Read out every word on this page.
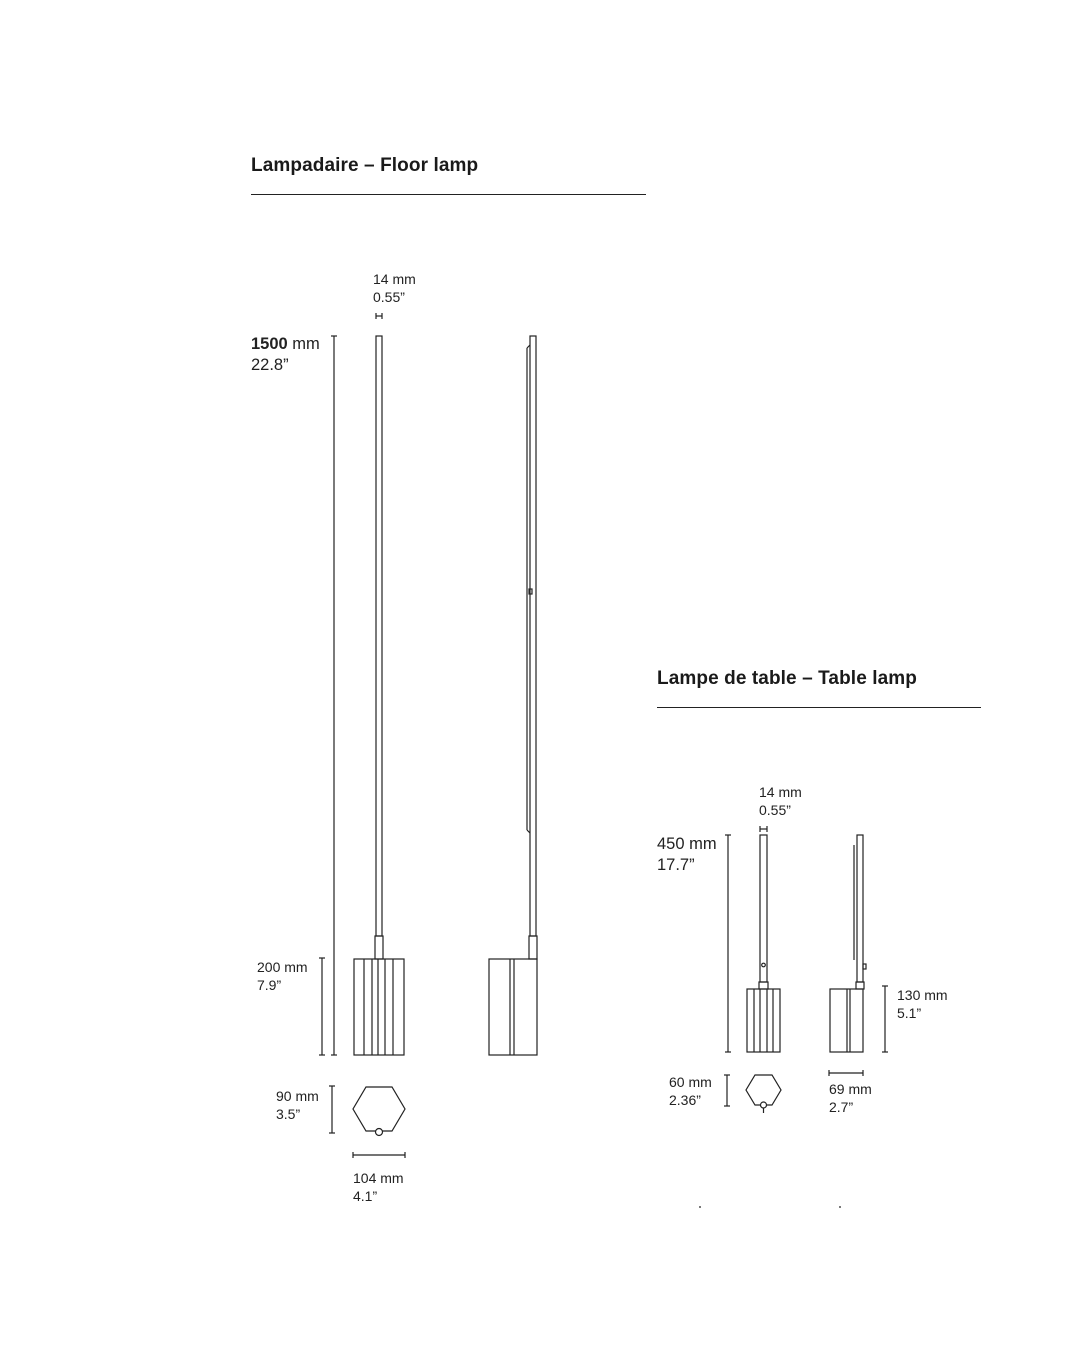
Lampadaire – Floor lamp
14 mm
0.55”
1500 mm
22.8”
200 mm
7.9”
90 mm
3.5”
104 mm
4.1”
Lampe de table – Table lamp
14 mm
0.55”
450 mm
17.7”
130 mm
5.1”
60 mm
2.36”
69 mm
2.7”
